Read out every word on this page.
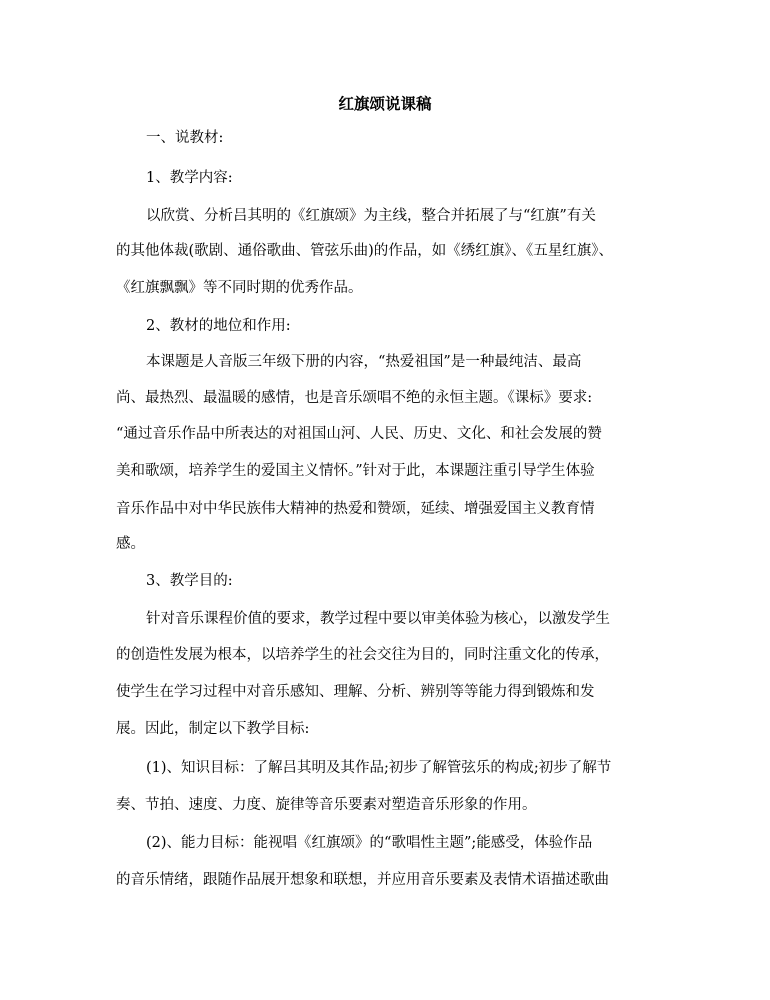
红旗颂说课稿
一、说教材:
1、教学内容:
以欣赏、分析吕其明的《红旗颂》为主线，整合并拓展了与“红旗”有关
的其他体裁(歌剧、通俗歌曲、管弦乐曲)的作品，如《绣红旗》、《五星红旗》、
《红旗飘飘》等不同时期的优秀作品。
2、教材的地位和作用:
本课题是人音版三年级下册的内容，“热爱祖国”是一种最纯洁、最高
尚、最热烈、最温暖的感情，也是音乐颂唱不绝的永恒主题。《课标》要求:
“通过音乐作品中所表达的对祖国山河、人民、历史、文化、和社会发展的赞
美和歌颂，培养学生的爱国主义情怀。”针对于此，本课题注重引导学生体验
音乐作品中对中华民族伟大精神的热爱和赞颂，延续、增强爱国主义教育情
感。
3、教学目的:
针对音乐课程价值的要求，教学过程中要以审美体验为核心，以激发学生
的创造性发展为根本，以培养学生的社会交往为目的，同时注重文化的传承，
使学生在学习过程中对音乐感知、理解、分析、辨别等等能力得到锻炼和发
展。因此，制定以下教学目标:
(1)、知识目标：了解吕其明及其作品;初步了解管弦乐的构成;初步了解节
奏、节拍、速度、力度、旋律等音乐要素对塑造音乐形象的作用。
(2)、能力目标：能视唱《红旗颂》的“歌唱性主题”;能感受，体验作品
的音乐情绪，跟随作品展开想象和联想，并应用音乐要素及表情术语描述歌曲
